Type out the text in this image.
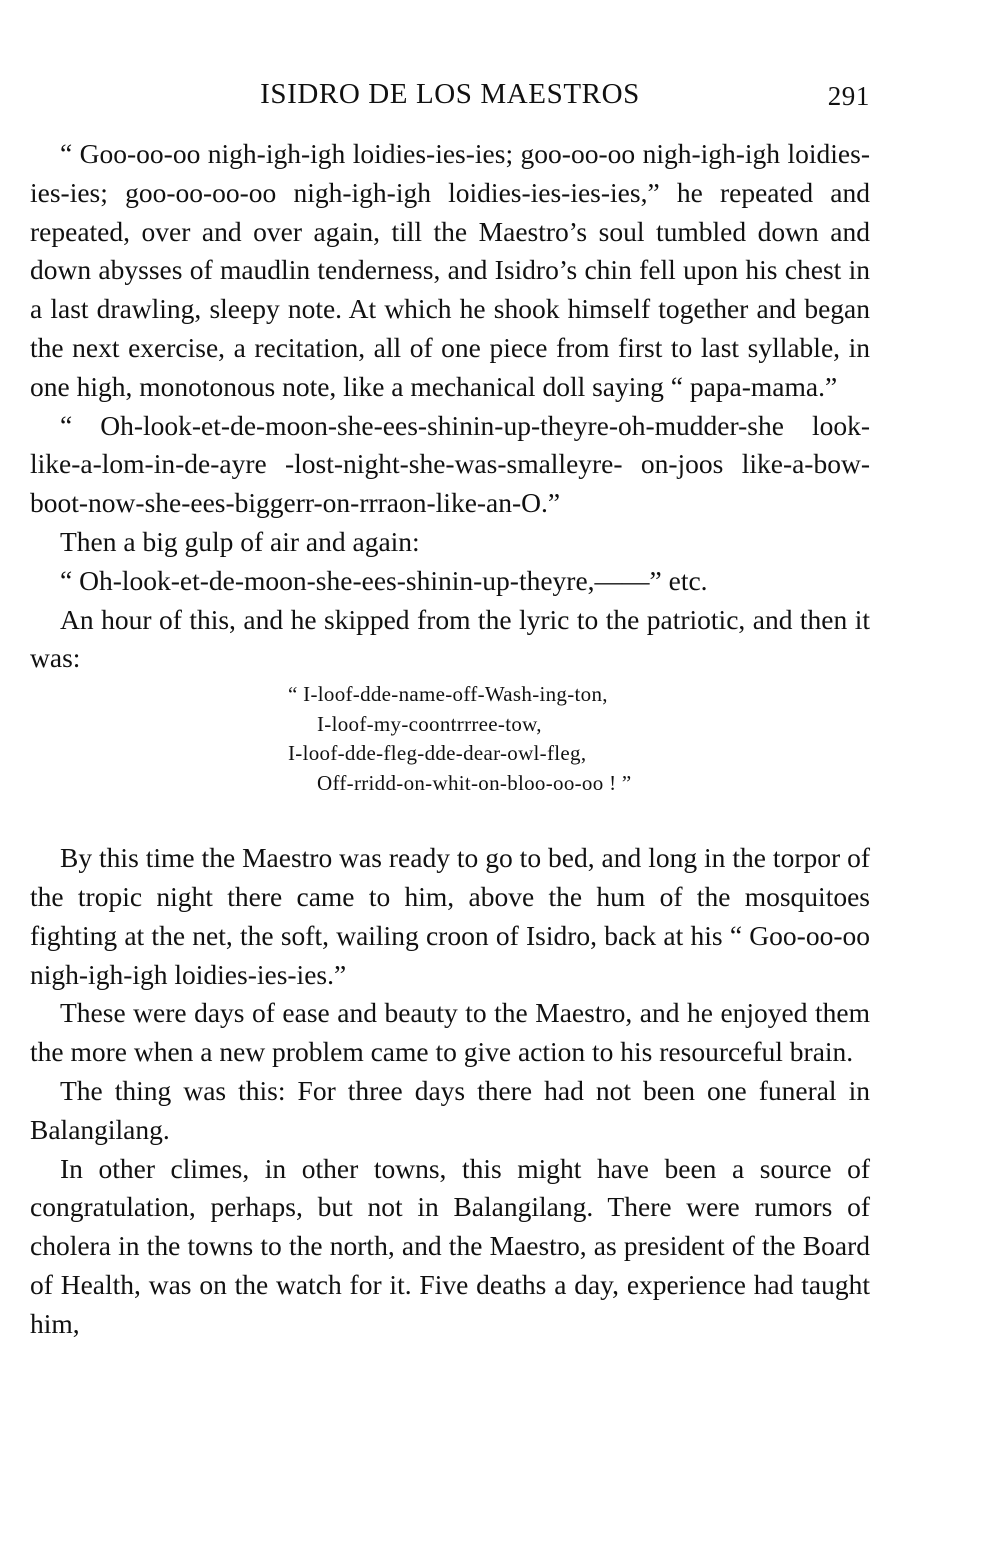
ISIDRO DE LOS MAESTROS	291

“ Goo-oo-oo nigh-igh-igh loidies-ies-ies; goo-oo-oo nigh-igh-igh loidies-ies-ies; goo-oo-oo-oo nigh-igh-igh loidies-ies-ies-ies,” he repeated and repeated, over and over again, till the Maestro’s soul tumbled down and down abysses of maudlin tenderness, and Isidro’s chin fell upon his chest in a last drawling, sleepy note. At which he shook himself together and began the next exercise, a recitation, all of one piece from first to last syllable, in one high, monotonous note, like a mechanical doll saying “ papa-mama.”

“ Oh-look-et-de-moon-she-ees-shinin-up-theyre-oh-mudder-she look-like-a-lom-in-de-ayre -lost-night-she-was-smalleyre- on-joos like-a-bow-boot-now-she-ees-biggerr-on-rrraon-like-an-O.”

Then a big gulp of air and again:

“ Oh-look-et-de-moon-she-ees-shinin-up-theyre,——” etc.

An hour of this, and he skipped from the lyric to the patriotic, and then it was:

“ I-loof-dde-name-off-Wash-ing-ton,

I-loof-my-coontrrree-tow,

I-loof-dde-fleg-dde-dear-owl-fleg,

Off-rridd-on-whit-on-bloo-oo-oo ! ”

By this time the Maestro was ready to go to bed, and long in the torpor of the tropic night there came to him, above the hum of the mosquitoes fighting at the net, the soft, wailing croon of Isidro, back at his “ Goo-oo-oo nigh-igh-igh loidies-ies-ies.”

These were days of ease and beauty to the Maestro, and he enjoyed them the more when a new problem came to give action to his resourceful brain.

The thing was this: For three days there had not been one funeral in Balangilang.

In other climes, in other towns, this might have been a source of congratulation, perhaps, but not in Balangilang. There were rumors of cholera in the towns to the north, and the Maestro, as president of the Board of Health, was on the watch for it. Five deaths a day, experience had taught him,
